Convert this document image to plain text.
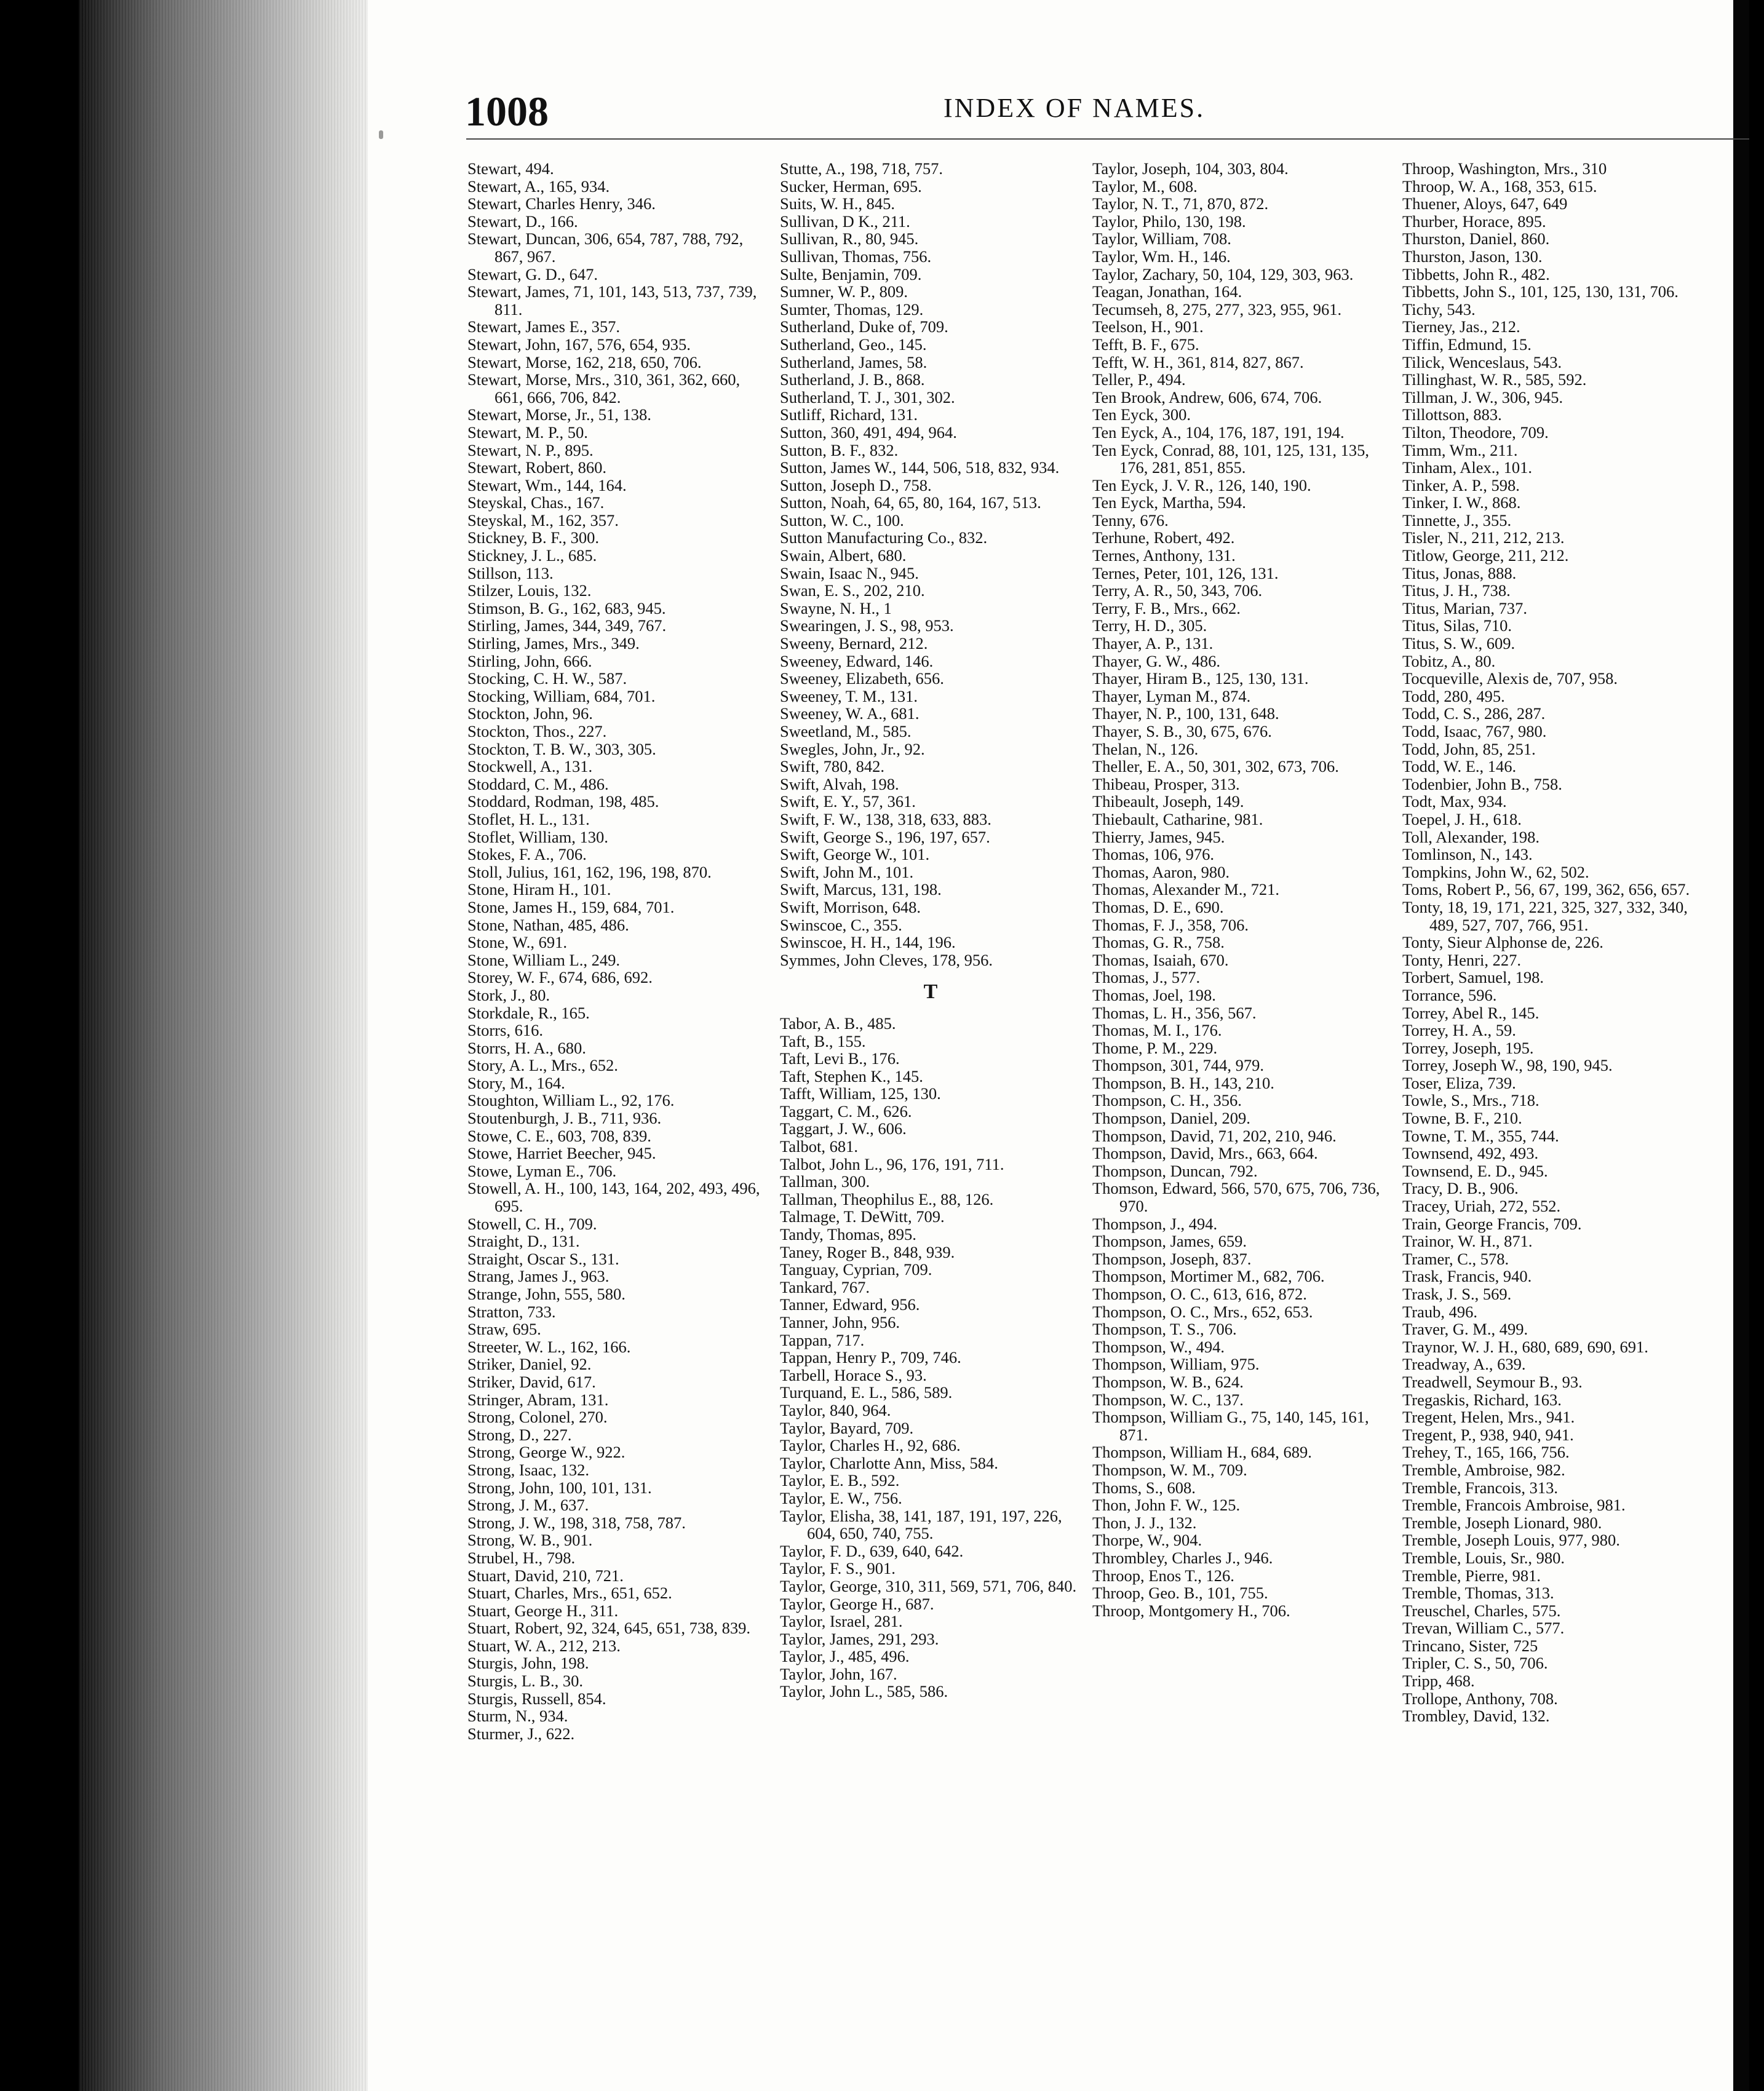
1008	INDEX OF NAMES.
Stewart, 494.
Stewart, A., 165, 934.
Stewart, Charles Henry, 346.
Stewart, D., 166.
Stewart, Duncan, 306, 654, 787, 788, 792, 867, 967.
Stewart, G. D., 647.
Stewart, James, 71, 101, 143, 513, 737, 739, 811.
Stewart, James E., 357.
Stewart, John, 167, 576, 654, 935.
Stewart, Morse, 162, 218, 650, 706.
Stewart, Morse, Mrs., 310, 361, 362, 660, 661, 666, 706, 842.
Stewart, Morse, Jr., 51, 138.
Stewart, M. P., 50.
Stewart, N. P., 895.
Stewart, Robert, 860.
Stewart, Wm., 144, 164.
Steyskal, Chas., 167.
Steyskal, M., 162, 357.
Stickney, B. F., 300.
Stickney, J. L., 685.
Stillson, 113.
Stilzer, Louis, 132.
Stimson, B. G., 162, 683, 945.
Stirling, James, 344, 349, 767.
Stirling, James, Mrs., 349.
Stirling, John, 666.
Stocking, C. H. W., 587.
Stocking, William, 684, 701.
Stockton, John, 96.
Stockton, Thos., 227.
Stockton, T. B. W., 303, 305.
Stockwell, A., 131.
Stoddard, C. M., 486.
Stoddard, Rodman, 198, 485.
Stoflet, H. L., 131.
Stoflet, William, 130.
Stokes, F. A., 706.
Stoll, Julius, 161, 162, 196, 198, 870.
Stone, Hiram H., 101.
Stone, James H., 159, 684, 701.
Stone, Nathan, 485, 486.
Stone, W., 691.
Stone, William L., 249.
Storey, W. F., 674, 686, 692.
Stork, J., 80.
Storkdale, R., 165.
Storrs, 616.
Storrs, H. A., 680.
Story, A. L., Mrs., 652.
Story, M., 164.
Stoughton, William L., 92, 176.
Stoutenburgh, J. B., 711, 936.
Stowe, C. E., 603, 708, 839.
Stowe, Harriet Beecher, 945.
Stowe, Lyman E., 706.
Stowell, A. H., 100, 143, 164, 202, 493, 496, 695.
Stowell, C. H., 709.
Straight, D., 131.
Straight, Oscar S., 131.
Strang, James J., 963.
Strange, John, 555, 580.
Stratton, 733.
Straw, 695.
Streeter, W. L., 162, 166.
Striker, Daniel, 92.
Striker, David, 617.
Stringer, Abram, 131.
Strong, Colonel, 270.
Strong, D., 227.
Strong, George W., 922.
Strong, Isaac, 132.
Strong, John, 100, 101, 131.
Strong, J. M., 637.
Strong, J. W., 198, 318, 758, 787.
Strong, W. B., 901.
Strubel, H., 798.
Stuart, David, 210, 721.
Stuart, Charles, Mrs., 651, 652.
Stuart, George H., 311.
Stuart, Robert, 92, 324, 645, 651, 738, 839.
Stuart, W. A., 212, 213.
Sturgis, John, 198.
Sturgis, L. B., 30.
Sturgis, Russell, 854.
Sturm, N., 934.
Sturmer, J., 622.
Stutte, A., 198, 718, 757.
Sucker, Herman, 695.
Suits, W. H., 845.
Sullivan, D K., 211.
Sullivan, R., 80, 945.
Sullivan, Thomas, 756.
Sulte, Benjamin, 709.
Sumner, W. P., 809.
Sumter, Thomas, 129.
Sutherland, Duke of, 709.
Sutherland, Geo., 145.
Sutherland, James, 58.
Sutherland, J. B., 868.
Sutherland, T. J., 301, 302.
Sutliff, Richard, 131.
Sutton, 360, 491, 494, 964.
Sutton, B. F., 832.
Sutton, James W., 144, 506, 518, 832, 934.
Sutton, Joseph D., 758.
Sutton, Noah, 64, 65, 80, 164, 167, 513.
Sutton, W. C., 100.
Sutton Manufacturing Co., 832.
Swain, Albert, 680.
Swain, Isaac N., 945.
Swan, E. S., 202, 210.
Swayne, N. H., 1
Swearingen, J. S., 98, 953.
Sweeny, Bernard, 212.
Sweeney, Edward, 146.
Sweeney, Elizabeth, 656.
Sweeney, T. M., 131.
Sweeney, W. A., 681.
Sweetland, M., 585.
Swegles, John, Jr., 92.
Swift, 780, 842.
Swift, Alvah, 198.
Swift, E. Y., 57, 361.
Swift, F. W., 138, 318, 633, 883.
Swift, George S., 196, 197, 657.
Swift, George W., 101.
Swift, John M., 101.
Swift, Marcus, 131, 198.
Swift, Morrison, 648.
Swinscoe, C., 355.
Swinscoe, H. H., 144, 196.
Symmes, John Cleves, 178, 956.
T
Tabor, A. B., 485.
Taft, B., 155.
Taft, Levi B., 176.
Taft, Stephen K., 145.
Tafft, William, 125, 130.
Taggart, C. M., 626.
Taggart, J. W., 606.
Talbot, 681.
Talbot, John L., 96, 176, 191, 711.
Tallman, 300.
Tallman, Theophilus E., 88, 126.
Talmage, T. DeWitt, 709.
Tandy, Thomas, 895.
Taney, Roger B., 848, 939.
Tanguay, Cyprian, 709.
Tankard, 767.
Tanner, Edward, 956.
Tanner, John, 956.
Tappan, 717.
Tappan, Henry P., 709, 746.
Tarbell, Horace S., 93.
Turquand, E. L., 586, 589.
Taylor, 840, 964.
Taylor, Bayard, 709.
Taylor, Charles H., 92, 686.
Taylor, Charlotte Ann, Miss, 584.
Taylor, E. B., 592.
Taylor, E. W., 756.
Taylor, Elisha, 38, 141, 187, 191, 197, 226, 604, 650, 740, 755.
Taylor, F. D., 639, 640, 642.
Taylor, F. S., 901.
Taylor, George, 310, 311, 569, 571, 706, 840.
Taylor, George H., 687.
Taylor, Israel, 281.
Taylor, James, 291, 293.
Taylor, J., 485, 496.
Taylor, John, 167.
Taylor, John L., 585, 586.
Taylor, Joseph, 104, 303, 804.
Taylor, M., 608.
Taylor, N. T., 71, 870, 872.
Taylor, Philo, 130, 198.
Taylor, William, 708.
Taylor, Wm. H., 146.
Taylor, Zachary, 50, 104, 129, 303, 963.
Teagan, Jonathan, 164.
Tecumseh, 8, 275, 277, 323, 955, 961.
Teelson, H., 901.
Tefft, B. F., 675.
Tefft, W. H., 361, 814, 827, 867.
Teller, P., 494.
Ten Brook, Andrew, 606, 674, 706.
Ten Eyck, 300.
Ten Eyck, A., 104, 176, 187, 191, 194.
Ten Eyck, Conrad, 88, 101, 125, 131, 135, 176, 281, 851, 855.
Ten Eyck, J. V. R., 126, 140, 190.
Ten Eyck, Martha, 594.
Tenny, 676.
Terhune, Robert, 492.
Ternes, Anthony, 131.
Ternes, Peter, 101, 126, 131.
Terry, A. R., 50, 343, 706.
Terry, F. B., Mrs., 662.
Terry, H. D., 305.
Thayer, A. P., 131.
Thayer, G. W., 486.
Thayer, Hiram B., 125, 130, 131.
Thayer, Lyman M., 874.
Thayer, N. P., 100, 131, 648.
Thayer, S. B., 30, 675, 676.
Thelan, N., 126.
Theller, E. A., 50, 301, 302, 673, 706.
Thibeau, Prosper, 313.
Thibeault, Joseph, 149.
Thiebault, Catharine, 981.
Thierry, James, 945.
Thomas, 106, 976.
Thomas, Aaron, 980.
Thomas, Alexander M., 721.
Thomas, D. E., 690.
Thomas, F. J., 358, 706.
Thomas, G. R., 758.
Thomas, Isaiah, 670.
Thomas, J., 577.
Thomas, Joel, 198.
Thomas, L. H., 356, 567.
Thomas, M. I., 176.
Thome, P. M., 229.
Thompson, 301, 744, 979.
Thompson, B. H., 143, 210.
Thompson, C. H., 356.
Thompson, Daniel, 209.
Thompson, David, 71, 202, 210, 946.
Thompson, David, Mrs., 663, 664.
Thompson, Duncan, 792.
Thomson, Edward, 566, 570, 675, 706, 736, 970.
Thompson, J., 494.
Thompson, James, 659.
Thompson, Joseph, 837.
Thompson, Mortimer M., 682, 706.
Thompson, O. C., 613, 616, 872.
Thompson, O. C., Mrs., 652, 653.
Thompson, T. S., 706.
Thompson, W., 494.
Thompson, William, 975.
Thompson, W. B., 624.
Thompson, W. C., 137.
Thompson, William G., 75, 140, 145, 161, 871.
Thompson, William H., 684, 689.
Thompson, W. M., 709.
Thoms, S., 608.
Thon, John F. W., 125.
Thon, J. J., 132.
Thorpe, W., 904.
Thrombley, Charles J., 946.
Throop, Enos T., 126.
Throop, Geo. B., 101, 755.
Throop, Montgomery H., 706.
Throop, Washington, Mrs., 310
Throop, W. A., 168, 353, 615.
Thuener, Aloys, 647, 649
Thurber, Horace, 895.
Thurston, Daniel, 860.
Thurston, Jason, 130.
Tibbetts, John R., 482.
Tibbetts, John S., 101, 125, 130, 131, 706.
Tichy, 543.
Tierney, Jas., 212.
Tiffin, Edmund, 15.
Tilick, Wenceslaus, 543.
Tillinghast, W. R., 585, 592.
Tillman, J. W., 306, 945.
Tillottson, 883.
Tilton, Theodore, 709.
Timm, Wm., 211.
Tinham, Alex., 101.
Tinker, A. P., 598.
Tinker, I. W., 868.
Tinnette, J., 355.
Tisler, N., 211, 212, 213.
Titlow, George, 211, 212.
Titus, Jonas, 888.
Titus, J. H., 738.
Titus, Marian, 737.
Titus, Silas, 710.
Titus, S. W., 609.
Tobitz, A., 80.
Tocqueville, Alexis de, 707, 958.
Todd, 280, 495.
Todd, C. S., 286, 287.
Todd, Isaac, 767, 980.
Todd, John, 85, 251.
Todd, W. E., 146.
Todenbier, John B., 758.
Todt, Max, 934.
Toepel, J. H., 618.
Toll, Alexander, 198.
Tomlinson, N., 143.
Tompkins, John W., 62, 502.
Toms, Robert P., 56, 67, 199, 362, 656, 657.
Tonty, 18, 19, 171, 221, 325, 327, 332, 340, 489, 527, 707, 766, 951.
Tonty, Sieur Alphonse de, 226.
Tonty, Henri, 227.
Torbert, Samuel, 198.
Torrance, 596.
Torrey, Abel R., 145.
Torrey, H. A., 59.
Torrey, Joseph, 195.
Torrey, Joseph W., 98, 190, 945.
Toser, Eliza, 739.
Towle, S., Mrs., 718.
Towne, B. F., 210.
Towne, T. M., 355, 744.
Townsend, 492, 493.
Townsend, E. D., 945.
Tracy, D. B., 906.
Tracey, Uriah, 272, 552.
Train, George Francis, 709.
Trainor, W. H., 871.
Tramer, C., 578.
Trask, Francis, 940.
Trask, J. S., 569.
Traub, 496.
Traver, G. M., 499.
Traynor, W. J. H., 680, 689, 690, 691.
Treadway, A., 639.
Treadwell, Seymour B., 93.
Tregaskis, Richard, 163.
Tregent, Helen, Mrs., 941.
Tregent, P., 938, 940, 941.
Trehey, T., 165, 166, 756.
Tremble, Ambroise, 982.
Tremble, Francois, 313.
Tremble, Francois Ambroise, 981.
Tremble, Joseph Lionard, 980.
Tremble, Joseph Louis, 977, 980.
Tremble, Louis, Sr., 980.
Tremble, Pierre, 981.
Tremble, Thomas, 313.
Treuschel, Charles, 575.
Trevan, William C., 577.
Trincano, Sister, 725
Tripler, C. S., 50, 706.
Tripp, 468.
Trollope, Anthony, 708.
Trombley, David, 132.
